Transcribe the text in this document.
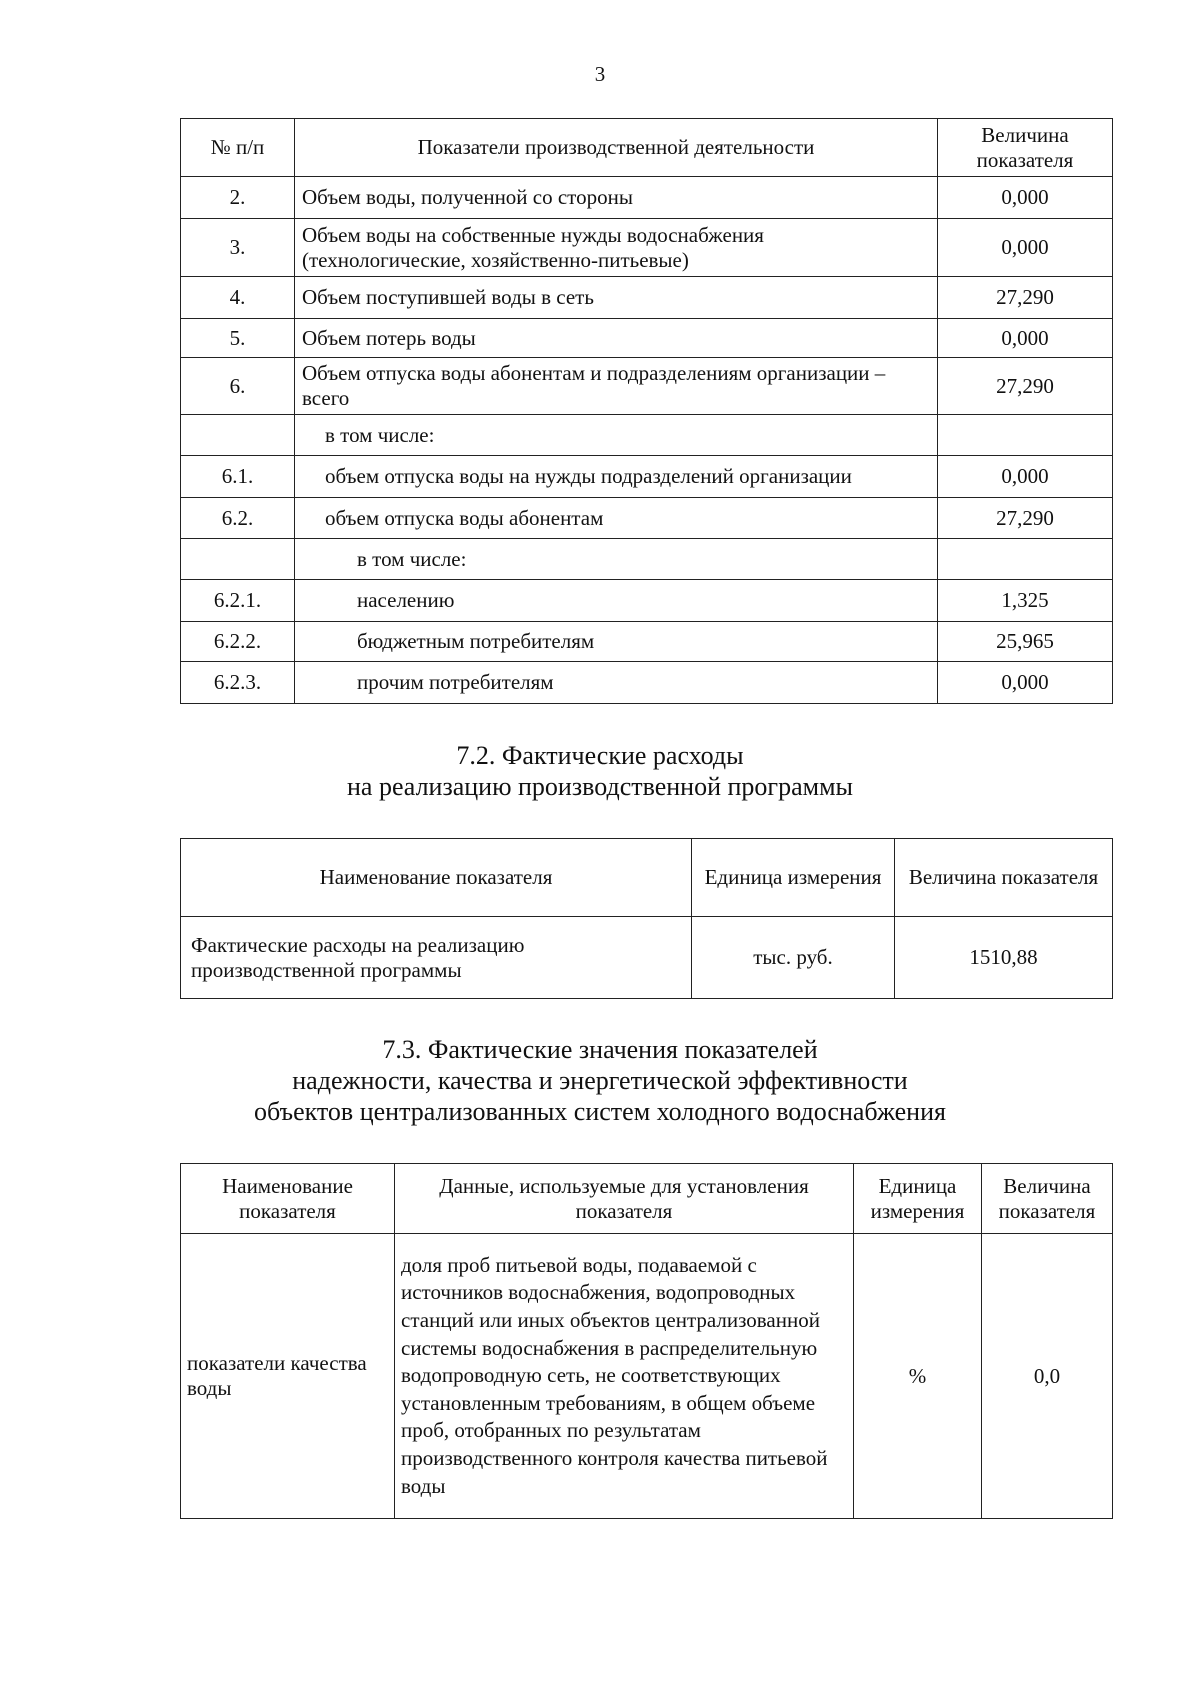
3
№ п/п	Показатели производственной деятельности	Величина показателя
2.	Объем воды, полученной со стороны	0,000
3.	Объем воды на собственные нужды водоснабжения (технологические, хозяйственно-питьевые)	0,000
4.	Объем поступившей воды в сеть	27,290
5.	Объем потерь воды	0,000
6.	Объем отпуска воды абонентам и подразделениям организации – всего	27,290
	в том числе:	
6.1.	объем отпуска воды на нужды подразделений организации	0,000
6.2.	объем отпуска воды абонентам	27,290
	в том числе:	
6.2.1.	населению	1,325
6.2.2.	бюджетным потребителям	25,965
6.2.3.	прочим потребителям	0,000
7.2. Фактические расходы
на реализацию производственной программы
Наименование показателя	Единица измерения	Величина показателя
Фактические расходы на реализацию производственной программы	тыс. руб.	1510,88
7.3. Фактические значения показателей
надежности, качества и энергетической эффективности
объектов централизованных систем холодного водоснабжения
Наименование показателя	Данные, используемые для установления показателя	Единица измерения	Величина показателя
показатели качества воды	доля проб питьевой воды, подаваемой с источников водоснабжения, водопроводных станций или иных объектов централизованной системы водоснабжения в распределительную водопроводную сеть, не соответствующих установленным требованиям, в общем объеме проб, отобранных по результатам производственного контроля качества питьевой воды	%	0,0
